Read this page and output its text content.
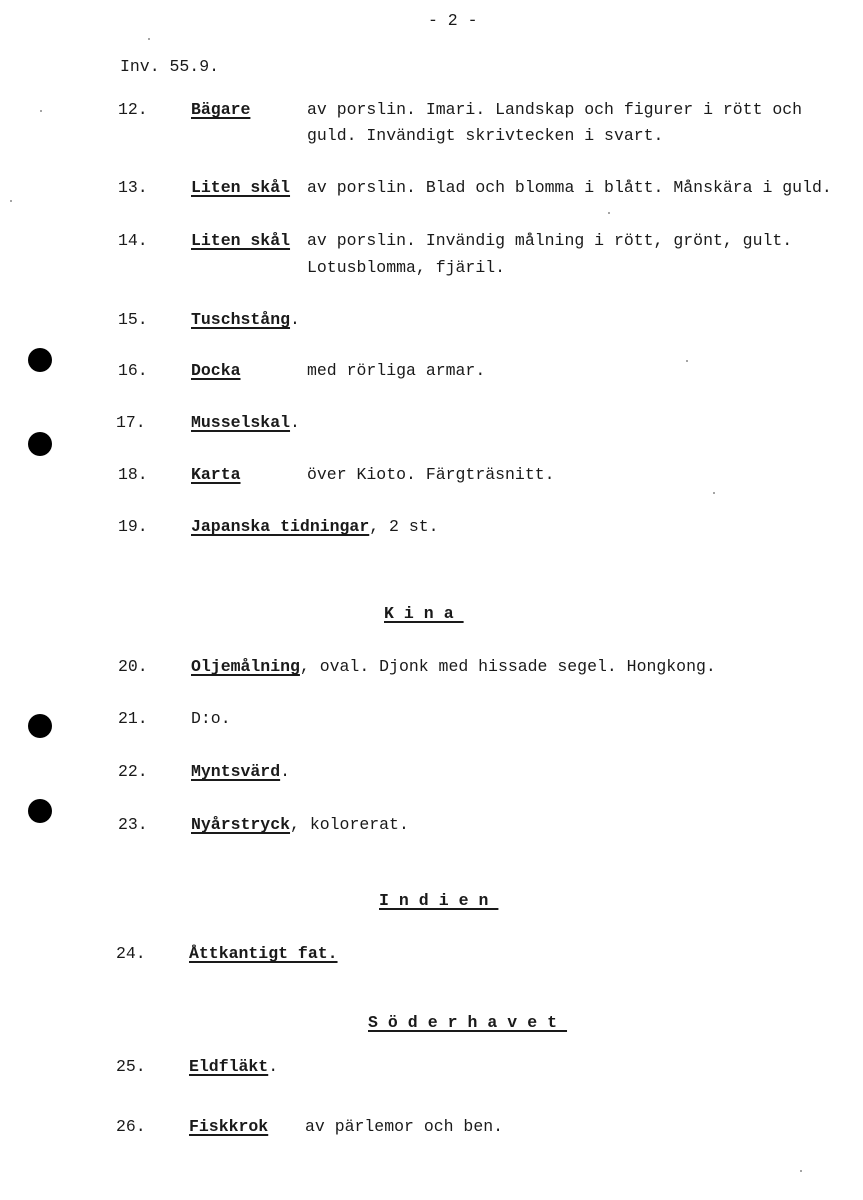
- 2 -
Inv. 55.9.
12.	Bägare	av porslin. Imari. Landskap och figurer i rött och
guld. Invändigt skrivtecken i svart.
13.	Liten skål av porslin. Blad och blomma i blått. Månskära i guld.
14.	Liten skål av porslin. Invändig målning i rött, grönt, gult.
Lotusblomma, fjäril.
15.	Tuschstång.
16.	Docka	med rörliga armar.
17.	Musselskal.
18.	Karta	över Kioto. Färgträsnitt.
19.	Japanska tidningar, 2 st.
Kina
20.	Oljemålning, oval. Djonk med hissade segel. Hongkong.
21.	D:o.
22.	Myntsvärd.
23.	Nyårstryck, kolorerat.
Indien
24.	Åttkantigt fat.
Söderhavet
25.	Eldfläkt.
26.	Fiskkrok av pärlemor och ben.
